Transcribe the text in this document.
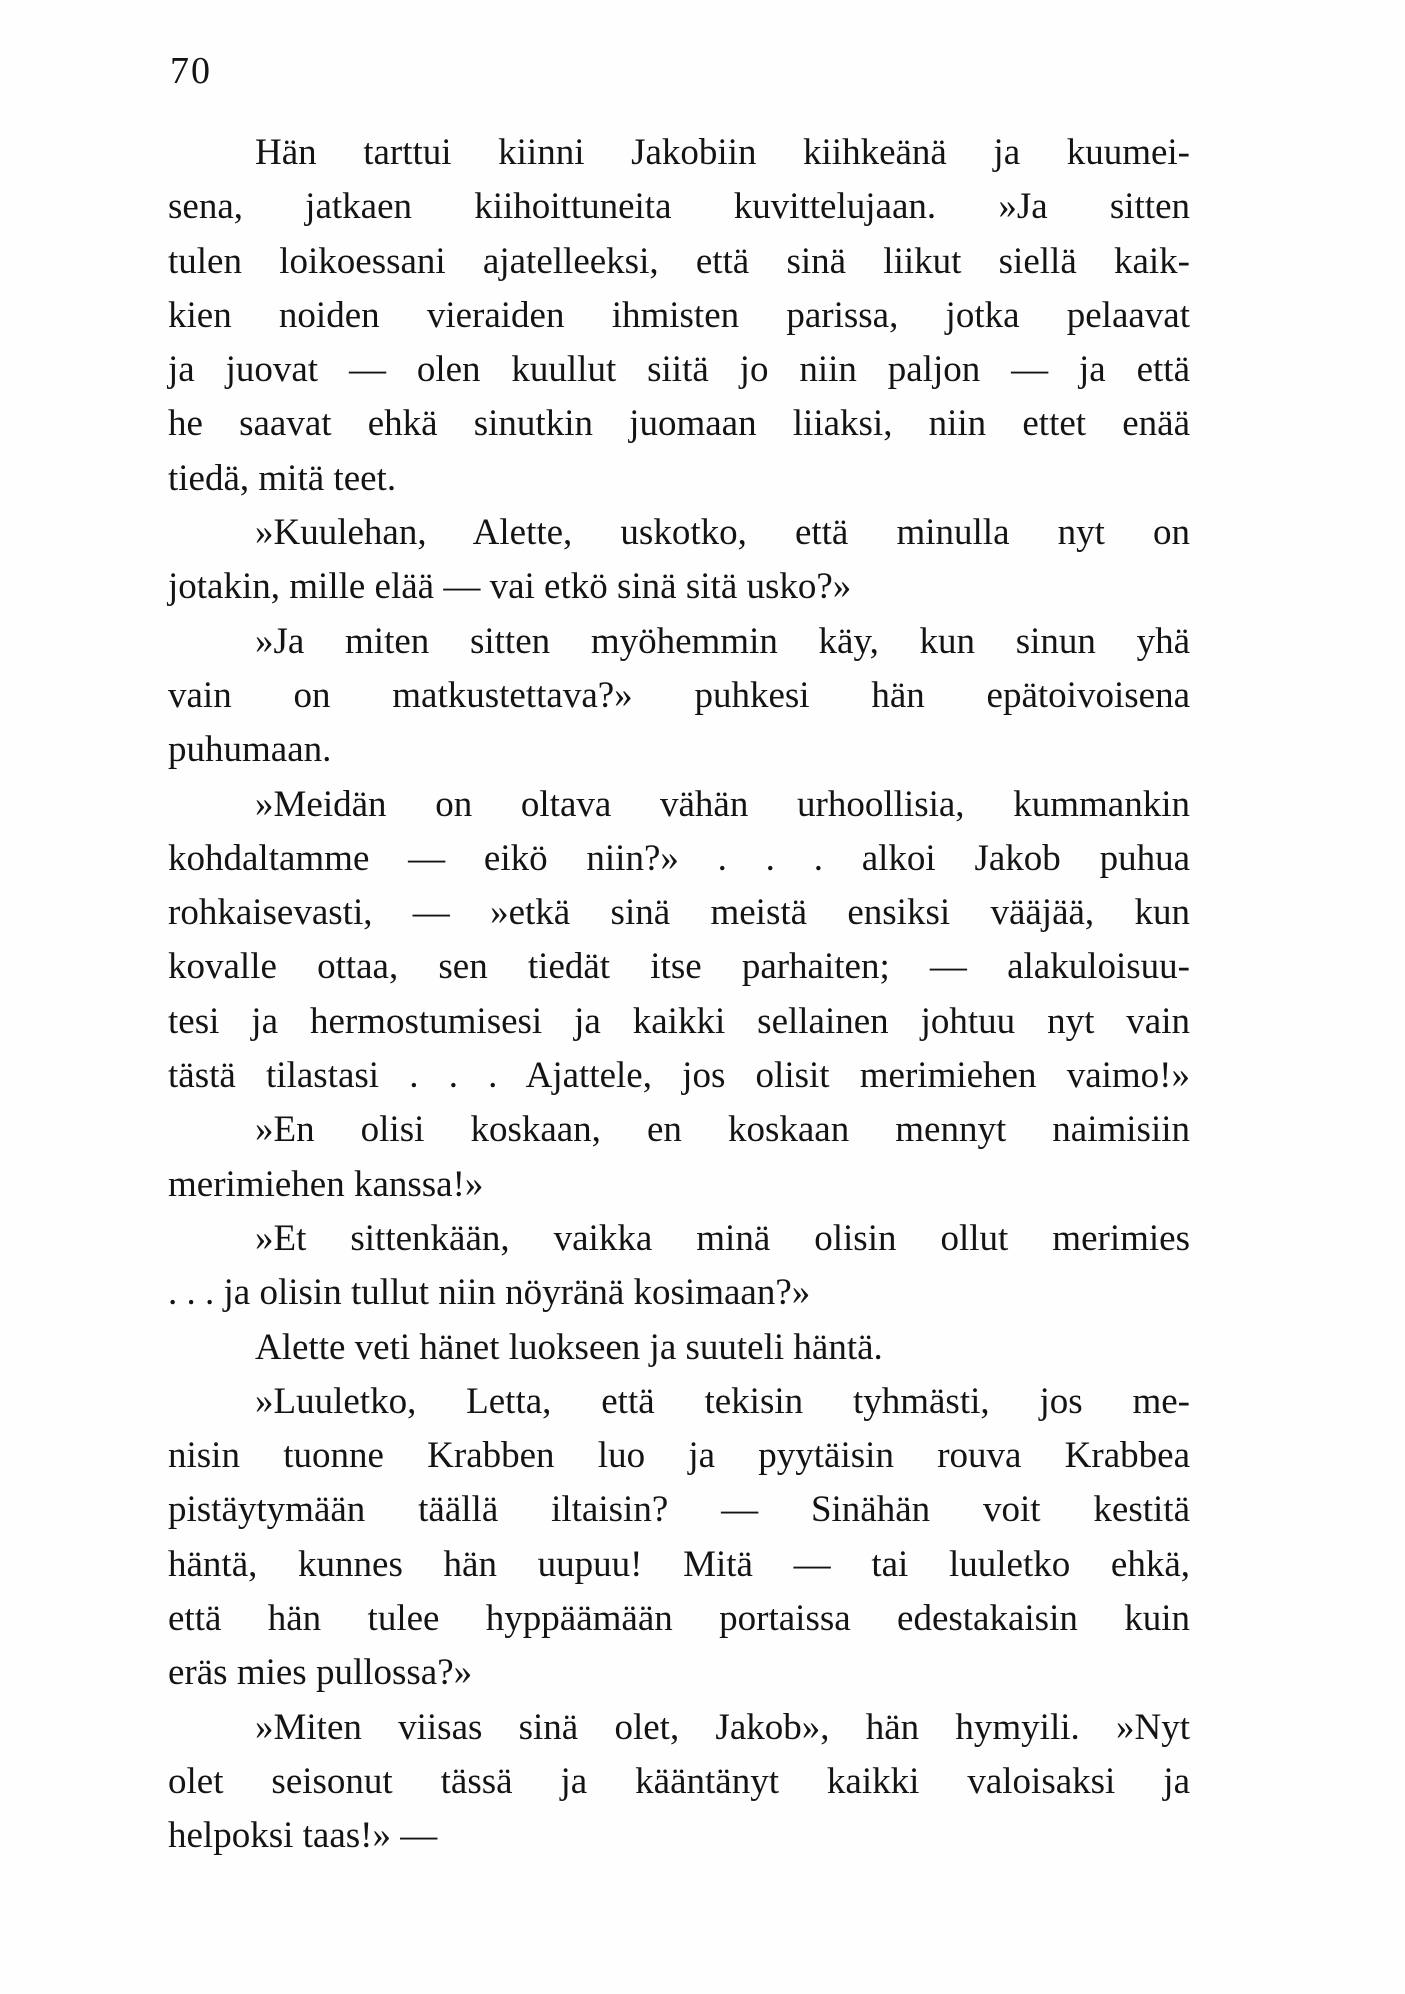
70
Hän tarttui kiinni Jakobiin kiihkeänä ja kuumei-
sena, jatkaen kiihoittuneita kuvittelujaan. »Ja sitten
tulen loikoessani ajatelleeksi, että sinä liikut siellä kaik-
kien noiden vieraiden ihmisten parissa, jotka pelaavat
ja juovat — olen kuullut siitä jo niin paljon — ja että
he saavat ehkä sinutkin juomaan liiaksi, niin ettet enää
tiedä, mitä teet.
»Kuulehan, Alette, uskotko, että minulla nyt on
jotakin, mille elää — vai etkö sinä sitä usko?»
»Ja miten sitten myöhemmin käy, kun sinun yhä
vain on matkustettava?» puhkesi hän epätoivoisena
puhumaan.
»Meidän on oltava vähän urhoollisia, kummankin
kohdaltamme — eikö niin?» . . . alkoi Jakob puhua
rohkaisevasti, — »etkä sinä meistä ensiksi vääjää, kun
kovalle ottaa, sen tiedät itse parhaiten; — alakuloisuu-
tesi ja hermostumisesi ja kaikki sellainen johtuu nyt vain
tästä tilastasi . . . Ajattele, jos olisit merimiehen vaimo!»
»En olisi koskaan, en koskaan mennyt naimisiin
merimiehen kanssa!»
»Et sittenkään, vaikka minä olisin ollut merimies
. . . ja olisin tullut niin nöyränä kosimaan?»
Alette veti hänet luokseen ja suuteli häntä.
»Luuletko, Letta, että tekisin tyhmästi, jos me-
nisin tuonne Krabben luo ja pyytäisin rouva Krabbea
pistäytymään täällä iltaisin? — Sinähän voit kestitä
häntä, kunnes hän uupuu! Mitä — tai luuletko ehkä,
että hän tulee hyppäämään portaissa edestakaisin kuin
eräs mies pullossa?»
»Miten viisas sinä olet, Jakob», hän hymyili. »Nyt
olet seisonut tässä ja kääntänyt kaikki valoisaksi ja
helpoksi taas!» —
